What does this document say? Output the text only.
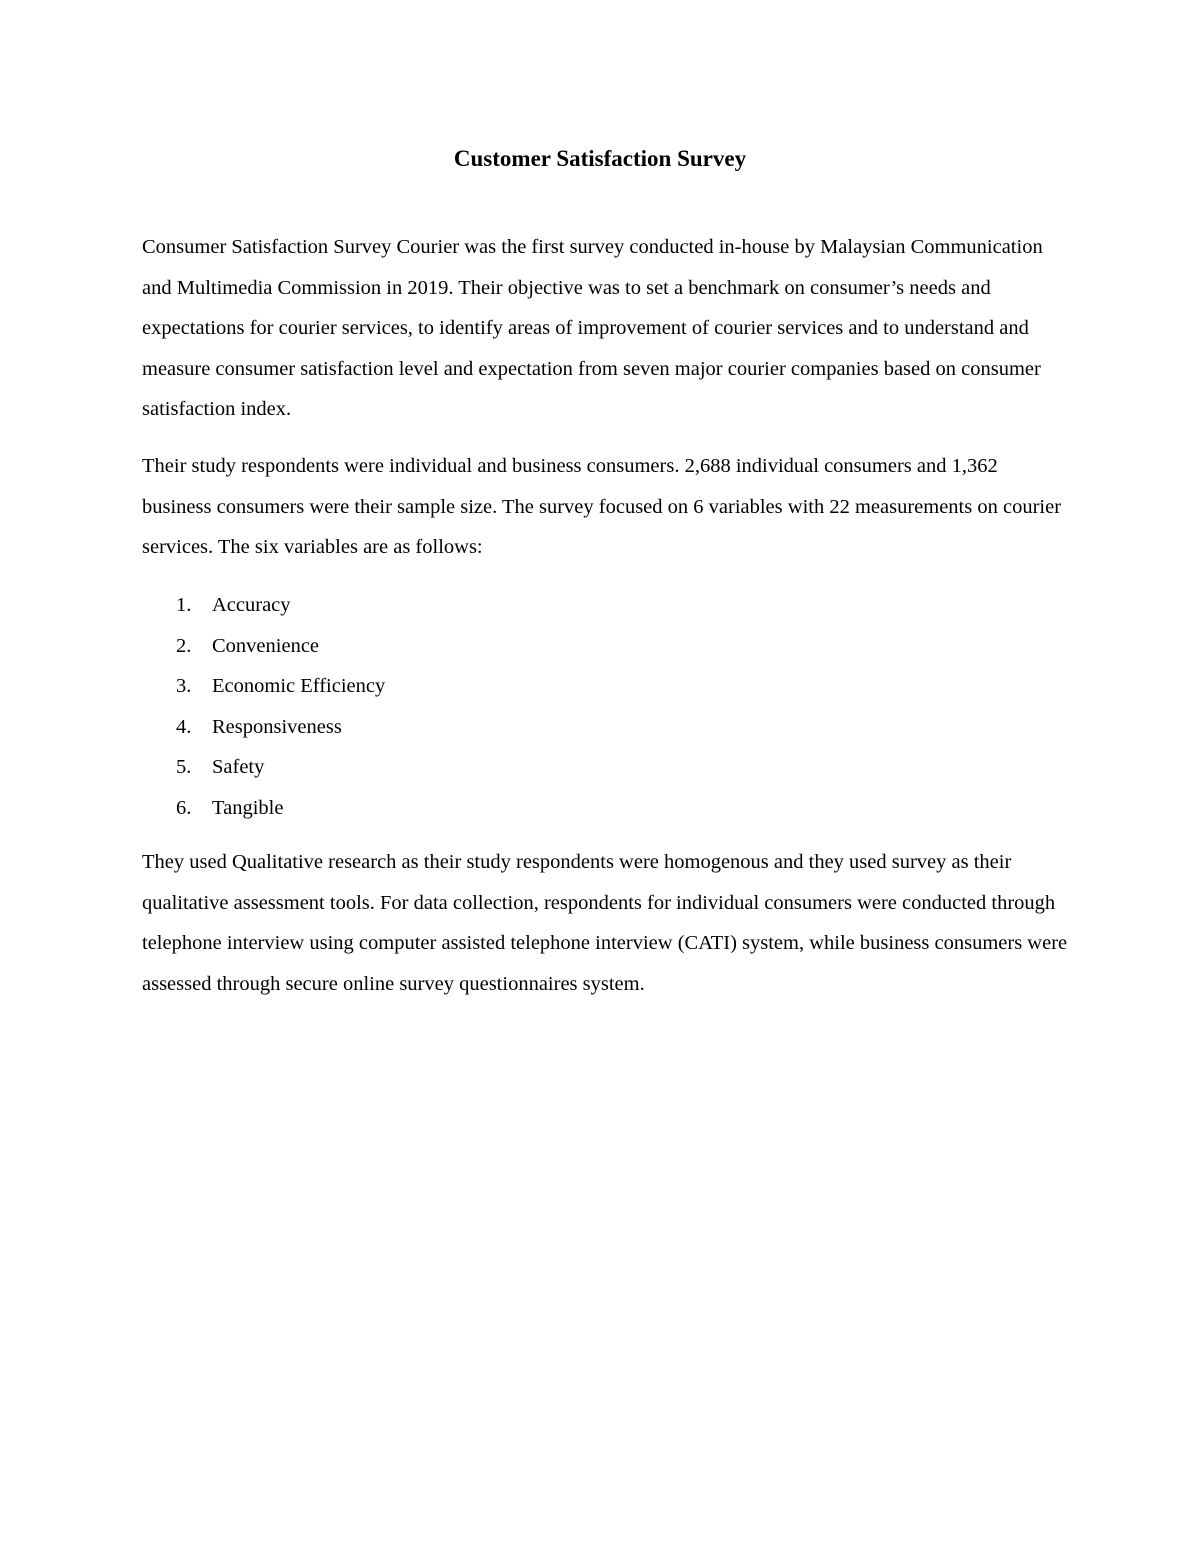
Customer Satisfaction Survey

Consumer Satisfaction Survey Courier was the first survey conducted in-house by Malaysian Communication and Multimedia Commission in 2019. Their objective was to set a benchmark on consumer’s needs and expectations for courier services, to identify areas of improvement of courier services and to understand and measure consumer satisfaction level and expectation from seven major courier companies based on consumer satisfaction index.

Their study respondents were individual and business consumers. 2,688 individual consumers and 1,362 business consumers were their sample size. The survey focused on 6 variables with 22 measurements on courier services. The six variables are as follows:

1. Accuracy
2. Convenience
3. Economic Efficiency
4. Responsiveness
5. Safety
6. Tangible

They used Qualitative research as their study respondents were homogenous and they used survey as their qualitative assessment tools. For data collection, respondents for individual consumers were conducted through telephone interview using computer assisted telephone interview (CATI) system, while business consumers were assessed through secure online survey questionnaires system.
